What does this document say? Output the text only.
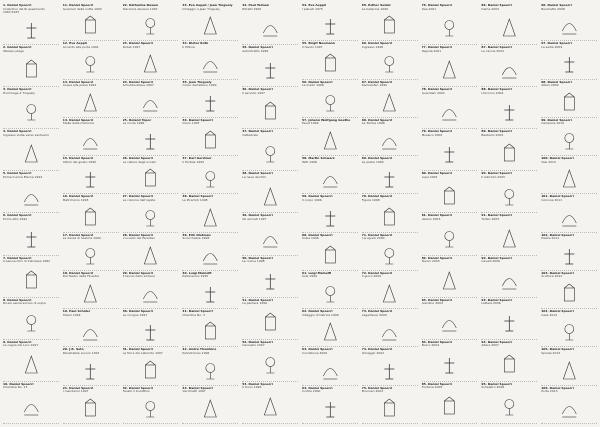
1. Daniel Spoerri
Collection del Ri-assamento 1967/1987
2. Daniel Spoerri
Tableau piège
3. Daniel Spoerri
Hommage à Tinguely
4. Daniel Spoerri
Ingresso visite verso santuario
5. Daniel Spoerri
Prima Cucina Eterna 1994
6. Daniel Spoerri
Primo atto 1992
7. Daniel Spoerri
Il pennacchio di Irlandese 1982
8. Daniel Spoerri
Ricavi senza sorriso di sopra
9. Daniel Spoerri
La cagna del Loro 1997
10. Daniel Spoerri
Chambre No. 13
11. Daniel Spoerri
Guarrieri della notte 1993
12. Eva Aeppli
Accanto alla porta 1991
13. Daniel Spoerri
Acqua alla presa 1992
14. Daniel Spoerri
Stalla della memoria
15. Daniel Spoerri
Attimi del giusto 1990
16. Daniel Spoerri
Matrimonio 1993
17. Daniel Spoerri
La danza di Salomè 1990
18. Daniel Spoerri
Del Teatro della Finestra
19. Paul Schüler
Totem 1994
20. J.R. Soto
Penetrabile sonoro 1997
21. Daniel Spoerri
I mandarini 1997
22. Katharina Duwen
Discarica abusiva 1997
23. Daniel Spoerri
Kodak 1997
24. Daniel Spoerri
Schuhboutique 1997
25. Roland Topor
La ronde 1996
26. Daniel Spoerri
La cabina degli uccelli
27. Daniel Spoerri
La colonna dell'ospite
28. Daniel Spoerri
L'uccello del Paradiso
29. Daniel Spoerri
Il tavolo dello zodiaco
30. Daniel Spoerri
Le cicogne 1997
31. Daniel Spoerri
La Torre del Labirinto 1997
32. Daniel Spoerri
Fausto il burattino
33. Eva Aeppli / Jean Tinguely
Omaggio a Jean Tinguely
34. Dieter Roth
Il Pittore
35. Jean Tinguely
Corpo dell'albero 1999
36. Daniel Spoerri
Oculo 1997
37. Karl Gerstner
Il Portale 1990
38. Daniel Spoerri
Le Piramidi 1998
39. Erik Dietman
Sciocchezze 1998
40. Luigi Mainolfi
Pallonaroso 1995
41. Daniel Spoerri
Chambre No. 3
42. André Thomkins
Palindromes 1996
43. Daniel Spoerri
Vecchietti 1997
44. Paul Talman
Ritratti 1990
45. Daniel Spoerri
Autoritratto 1996
46. Daniel Spoerri
Il servizio 1997
47. Daniel Spoerri
Cattedrale
48. Daniel Spoerri
La nave dei folli
49. Daniel Spoerri
Gli arrivati 1997
50. Daniel Spoerri
Le rovine 1998
51. Daniel Spoerri
La pantera 1996
52. Daniel Spoerri
Carosello 1997
53. Daniel Spoerri
Il trono 1996
54. Eva Aeppli
I pianeti 1975
55. Birgit Neumann
Il tavolo 1997
56. Daniel Spoerri
Le madri 1996
57. Johann Wolfgang Goethe
Faust 1996
58. Martin Schwarz
Tetti 1996
59. Daniel Spoerri
Il corpo 1996
60. Daniel Spoerri
Scala 1996
61. Luigi Mainolfi
Sole 1999
62. Daniel Spoerri
Villaggio di Ostrica 1999
63. Daniel Spoerri
Condizione 2000
64. Daniel Spoerri
Cortile 2000
65. Esther Seidel
La ballerina 1999
66. Daniel Spoerri
Ingresso 1998
67. Daniel Spoerri
Kachelofen 1990
68. Daniel Spoerri
La Tomba 1998
69. Daniel Spoerri
Le pietre 1999
70. Daniel Spoerri
Figura 1998
71. Daniel Spoerri
I prugnoli 2000
72. Daniel Spoerri
Il gioco 2000
73. Daniel Spoerri
Lagerfeuer 2000
74. Daniel Spoerri
Omaggio 2002
75. Daniel Spoerri
Brunnen 2002
76. Daniel Spoerri
Dea 2001
77. Daniel Spoerri
Pagoda 2001
78. Daniel Spoerri
Guardiani 2002
79. Daniel Spoerri
Mosaico 2002
80. Daniel Spoerri
Lupa 2002
81. Daniel Spoerri
Veliero 2003
82. Daniel Spoerri
Tavolo 2003
83. Daniel Spoerri
Giardino 2004
84. Daniel Spoerri
Bosco 2004
85. Daniel Spoerri
Fontana 2005
86. Daniel Spoerri
Dame 2003
87. Daniel Spoerri
La caccia 2004
88. Daniel Spoerri
Unicorno 2004
89. Daniel Spoerri
Bestiario 2004
90. Daniel Spoerri
Il labirinto 2005
91. Daniel Spoerri
Trofeo 2005
92. Daniel Spoerri
Cavalli 2006
93. Daniel Spoerri
Lettere 2006
94. Daniel Spoerri
Altare 2007
95. Daniel Spoerri
Scheletro 2008
96. Daniel Spoerri
Boschetto 2008
97. Daniel Spoerri
La sedia 2009
98. Daniel Spoerri
Alberi 2009
99. Daniel Spoerri
Campane 2010
100. Daniel Spoerri
Vasi 2010
101. Daniel Spoerri
Colonne 2011
102. Daniel Spoerri
Piazza 2011
103. Daniel Spoerri
Scultura 2012
104. Daniel Spoerri
Casa 2012
105. Daniel Spoerri
Spirale 2013
106. Daniel Spoerri
Porta 2013
